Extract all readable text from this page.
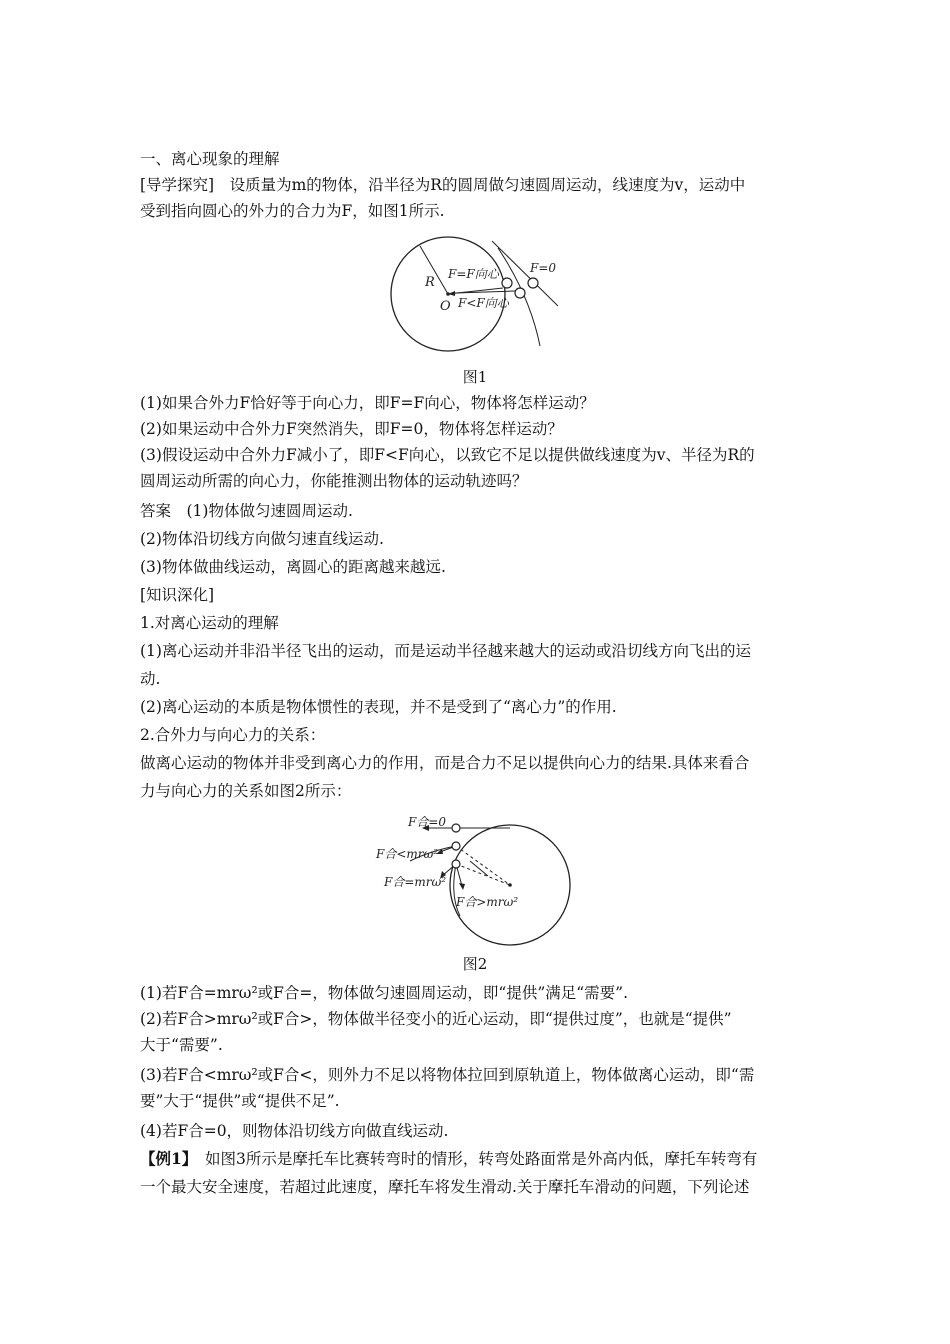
一、离心现象的理解
[导学探究]　设质量为m的物体，沿半径为R的圆周做匀速圆周运动，线速度为v，运动中
受到指向圆心的外力的合力为F，如图1所示.
R
O
F=F向心
F<F向心
F=0
图1
(1)如果合外力F恰好等于向心力，即F=F向心，物体将怎样运动？
(2)如果运动中合外力F突然消失，即F=0，物体将怎样运动？
(3)假设运动中合外力F减小了，即F<F向心，以致它不足以提供做线速度为v、半径为R的
圆周运动所需的向心力，你能推测出物体的运动轨迹吗？
答案　(1)物体做匀速圆周运动.
(2)物体沿切线方向做匀速直线运动.
(3)物体做曲线运动，离圆心的距离越来越远.
[知识深化]
1.对离心运动的理解
(1)离心运动并非沿半径飞出的运动，而是运动半径越来越大的运动或沿切线方向飞出的运
动.
(2)离心运动的本质是物体惯性的表现，并不是受到了“离心力”的作用.
2.合外力与向心力的关系：
做离心运动的物体并非受到离心力的作用，而是合力不足以提供向心力的结果.具体来看合
力与向心力的关系如图2所示：
F合=0
F合<mrω²
F合=mrω²
F合>mrω²
图2
(1)若F合=mrω²或F合=，物体做匀速圆周运动，即“提供”满足“需要”.
(2)若F合>mrω²或F合>，物体做半径变小的近心运动，即“提供过度”，也就是“提供”
大于“需要”.
(3)若F合<mrω²或F合<，则外力不足以将物体拉回到原轨道上，物体做离心运动，即“需
要”大于“提供”或“提供不足”.
(4)若F合=0，则物体沿切线方向做直线运动.
【例1】　如图3所示是摩托车比赛转弯时的情形，转弯处路面常是外高内低，摩托车转弯有
一个最大安全速度，若超过此速度，摩托车将发生滑动.关于摩托车滑动的问题，下列论述
